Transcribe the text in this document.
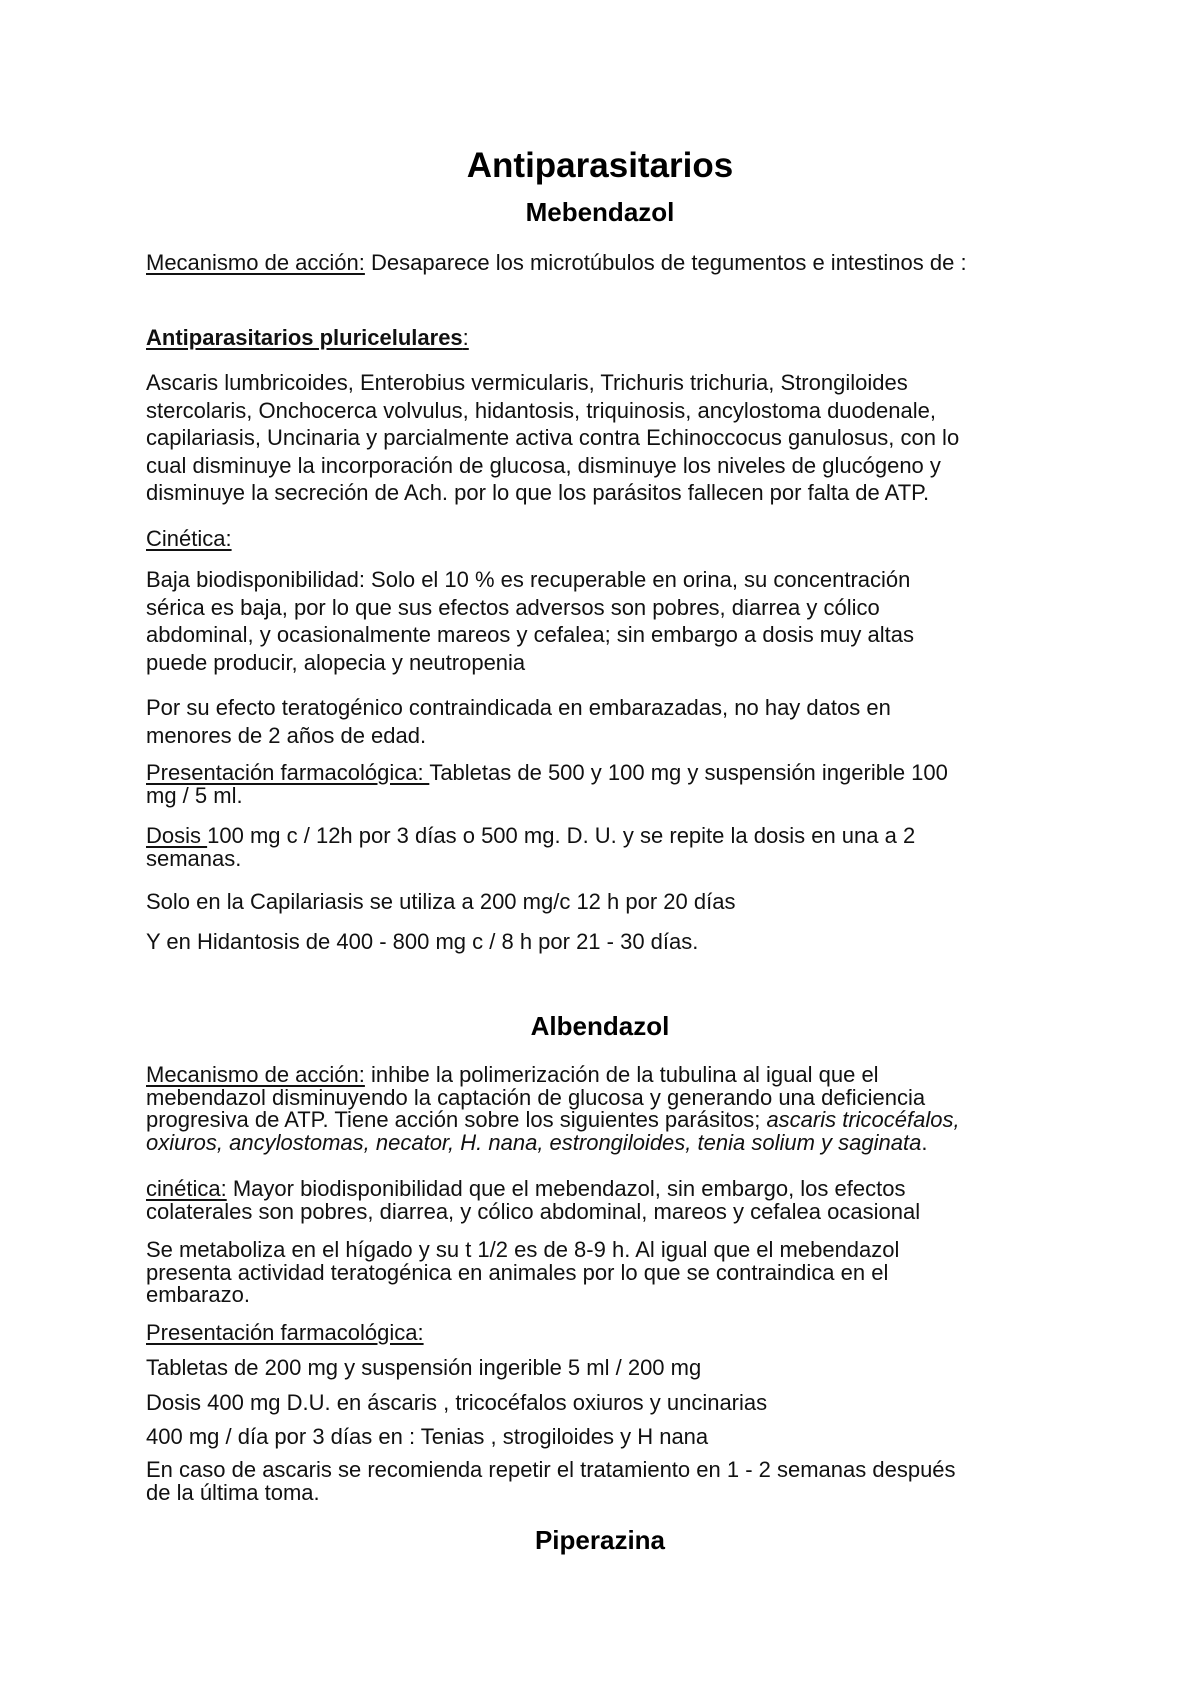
Antiparasitarios
Mebendazol

Mecanismo de acción: Desaparece los microtúbulos de tegumentos e intestinos de :

Antiparasitarios pluricelulares:

Ascaris lumbricoides, Enterobius vermicularis, Trichuris trichuria, Strongiloides
stercolaris, Onchocerca volvulus, hidantosis, triquinosis, ancylostoma duodenale,
capilariasis, Uncinaria y parcialmente activa contra Echinoccocus ganulosus, con lo
cual disminuye la incorporación de glucosa, disminuye los niveles de glucógeno y
disminuye la secreción de Ach. por lo que los parásitos fallecen por falta de ATP.

Cinética:

Baja biodisponibilidad: Solo el 10 % es recuperable en orina, su concentración
sérica es baja, por lo que sus efectos adversos son pobres, diarrea y cólico
abdominal, y ocasionalmente mareos y cefalea; sin embargo a dosis muy altas
puede producir, alopecia y neutropenia

Por su efecto teratogénico contraindicada en embarazadas, no hay datos en
menores de 2 años de edad.

Presentación farmacológica: Tabletas de 500 y 100 mg y suspensión ingerible 100
mg / 5 ml.

Dosis 100 mg c / 12h por 3 días o 500 mg. D. U. y se repite la dosis en una a 2
semanas.

Solo en la Capilariasis se utiliza a 200 mg/c 12 h por 20 días

Y en Hidantosis de 400 - 800 mg c / 8 h por 21 - 30 días.

Albendazol

Mecanismo de acción: inhibe la polimerización de la tubulina al igual que el
mebendazol disminuyendo la captación de glucosa y generando una deficiencia
progresiva de ATP. Tiene acción sobre los siguientes parásitos; ascaris tricocéfalos,
oxiuros, ancylostomas, necator, H. nana, estrongiloides, tenia solium y saginata.

cinética: Mayor biodisponibilidad que el mebendazol, sin embargo, los efectos
colaterales son pobres, diarrea, y cólico abdominal, mareos y cefalea ocasional

Se metaboliza en el hígado y su t 1/2 es de 8-9 h. Al igual que el mebendazol
presenta actividad teratogénica en animales por lo que se contraindica en el
embarazo.

Presentación farmacológica:

Tabletas de 200 mg y suspensión ingerible 5 ml / 200 mg

Dosis 400 mg D.U. en áscaris , tricocéfalos oxiuros y uncinarias

400 mg / día por 3 días en : Tenias , strogiloides y H nana

En caso de ascaris se recomienda repetir el tratamiento en 1 - 2 semanas después
de la última toma.

Piperazina
